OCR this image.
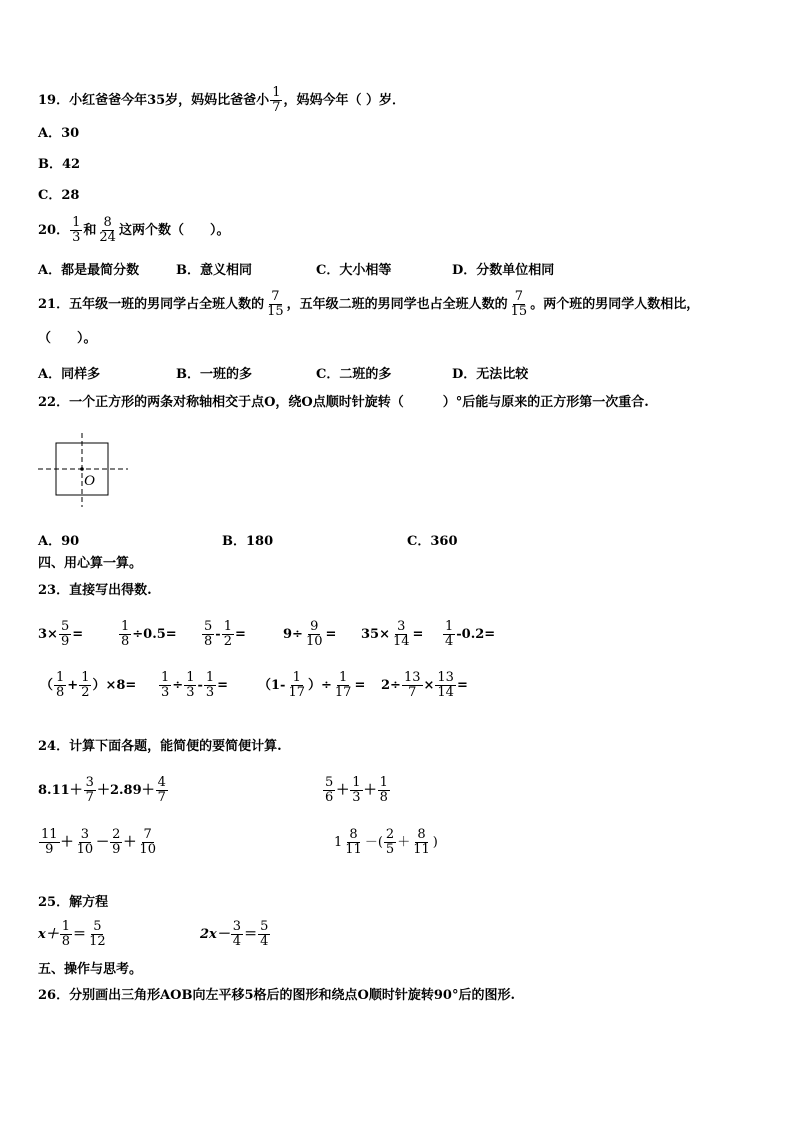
19．小红爸爸今年35岁，妈妈比爸爸小 $\frac{1}{7}$ ，妈妈今年（ ）岁．
A．30
B．42
C．28
20． $\frac{1}{3}$ 和 $\frac{8}{24}$ 这两个数（　　）。
A．都是最简分数	B．意义相同	C．大小相等	D．分数单位相同
21．五年级一班的男同学占全班人数的 $\frac{7}{15}$ ，五年级二班的男同学也占全班人数的 $\frac{7}{15}$ 。两个班的男同学人数相比，
（　　）。
A．同样多	B．一班的多	C．二班的多	D．无法比较
22．一个正方形的两条对称轴相交于点O，绕O点顺时针旋转（　　　）°后能与原来的正方形第一次重合.
O
A．90	B．180	C．360
四、用心算一算。
23．直接写出得数.
$3\times \frac{5}{9}$ =	$\frac{1}{8} \div 0.5= \frac{5}{8} - \frac{1}{2}$ =	$9\div \frac{9}{10} = 35\times \frac{3}{14} = \frac{1}{4} -0.2=$
（ $\frac{1}{8} + \frac{1}{2} )\times 8= \frac{1}{3} \div \frac{1}{3} - \frac{1}{3} = (1- \frac{1}{17}$ ）÷ $\frac{1}{17} = 2\div \frac{13}{7} \times \frac{13}{14}$ =
24．计算下面各题，能简便的要简便计算.
$8.11+ \frac{3}{7} +2.89+ \frac{4}{7}$	$\frac{5}{6} + \frac{1}{3} + \frac{1}{8}$
$\frac{11}{9} + \frac{3}{10} - \frac{2}{9} + \frac{7}{10}$	$1 \frac{8}{11}$ －( $\frac{2}{5} + \frac{8}{11}$ )
25．解方程
$x+ \frac{1}{8} = \frac{5}{12}$	$2x- \frac{3}{4} = \frac{5}{4}$
五、操作与思考。
26．分别画出三角形AOB向左平移5格后的图形和绕点O顺时针旋转90°后的图形.
